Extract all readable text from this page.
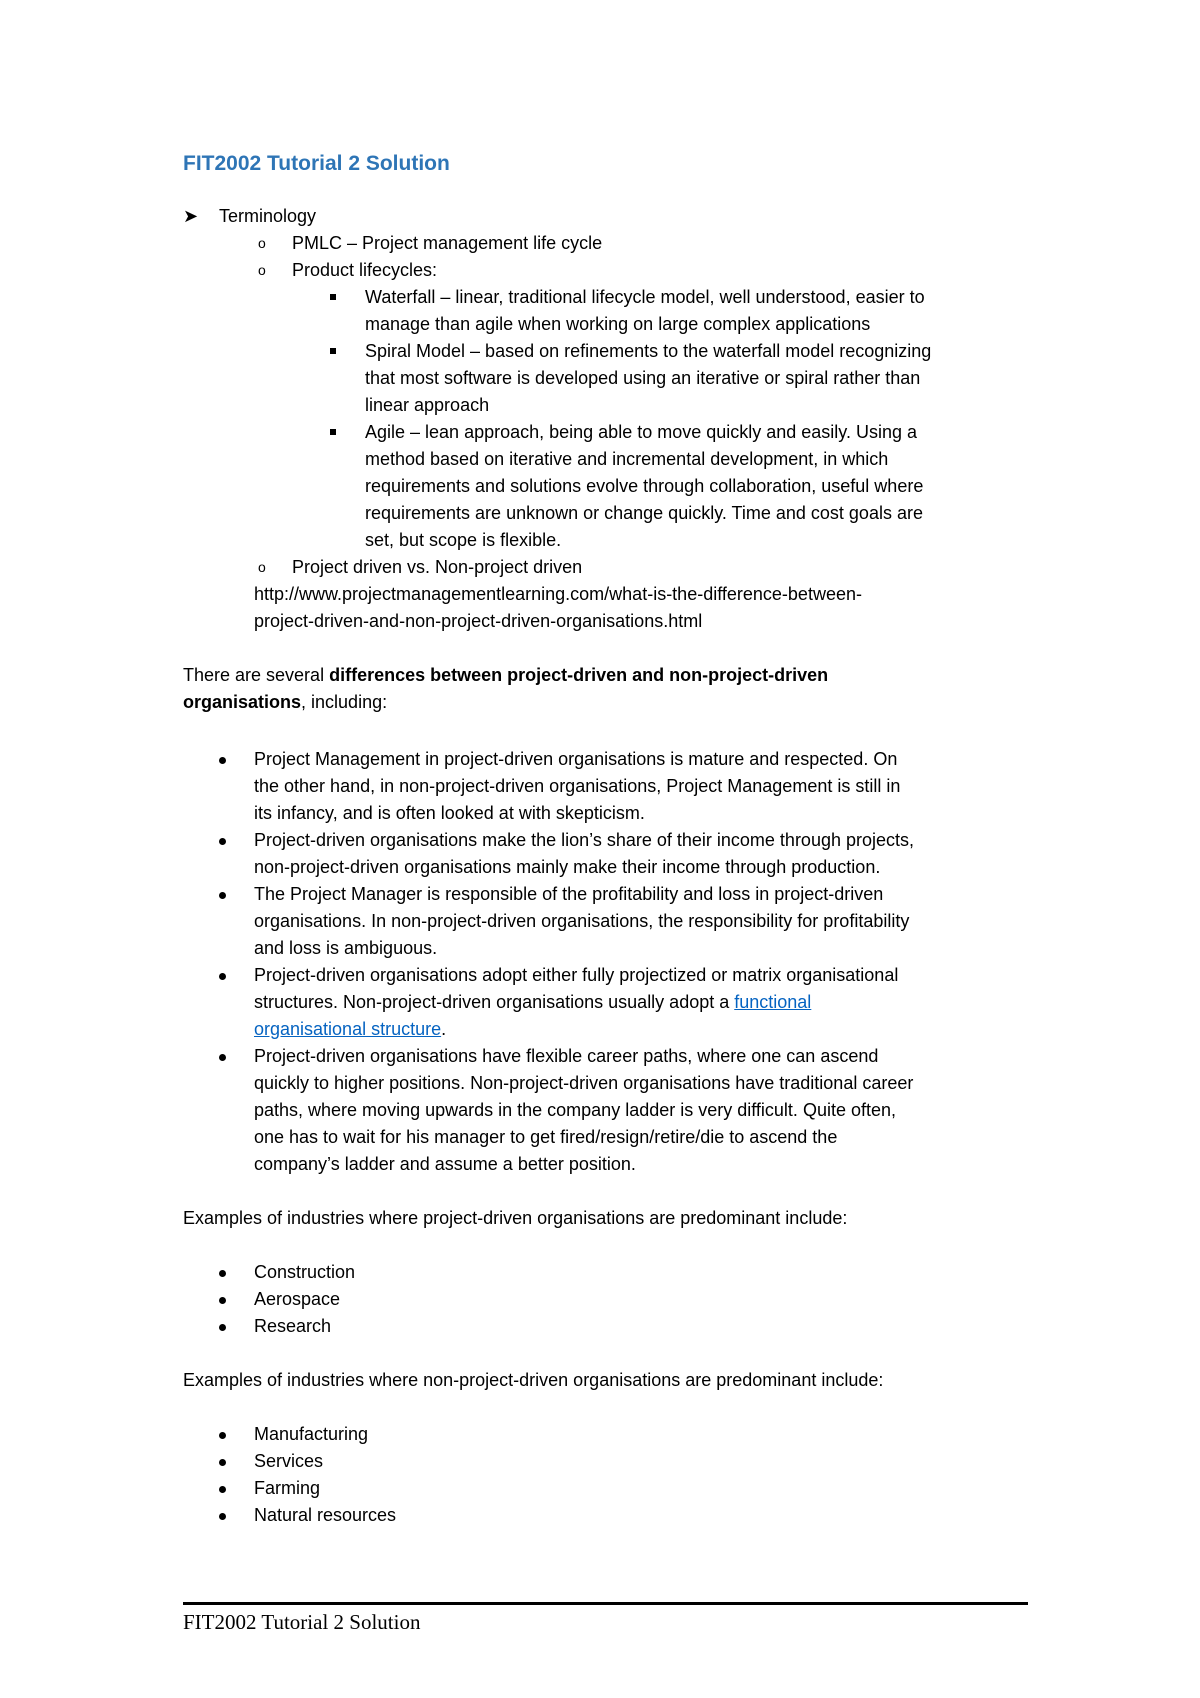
FIT2002 Tutorial 2 Solution
➤ Terminology
o PMLC – Project management life cycle
o Product lifecycles:
Waterfall – linear, traditional lifecycle model, well understood, easier to
manage than agile when working on large complex applications
Spiral Model – based on refinements to the waterfall model recognizing
that most software is developed using an iterative or spiral rather than
linear approach
Agile – lean approach, being able to move quickly and easily. Using a
method based on iterative and incremental development, in which
requirements and solutions evolve through collaboration, useful where
requirements are unknown or change quickly. Time and cost goals are
set, but scope is flexible.
o Project driven vs. Non-project driven
http://www.projectmanagementlearning.com/what-is-the-difference-between-
project-driven-and-non-project-driven-organisations.html
There are several differences between project-driven and non-project-driven
organisations, including:
Project Management in project-driven organisations is mature and respected. On
the other hand, in non-project-driven organisations, Project Management is still in
its infancy, and is often looked at with skepticism.
Project-driven organisations make the lion’s share of their income through projects,
non-project-driven organisations mainly make their income through production.
The Project Manager is responsible of the profitability and loss in project-driven
organisations. In non-project-driven organisations, the responsibility for profitability
and loss is ambiguous.
Project-driven organisations adopt either fully projectized or matrix organisational
structures. Non-project-driven organisations usually adopt a functional
organisational structure.
Project-driven organisations have flexible career paths, where one can ascend
quickly to higher positions. Non-project-driven organisations have traditional career
paths, where moving upwards in the company ladder is very difficult. Quite often,
one has to wait for his manager to get fired/resign/retire/die to ascend the
company’s ladder and assume a better position.
Examples of industries where project-driven organisations are predominant include:
Construction
Aerospace
Research
Examples of industries where non-project-driven organisations are predominant include:
Manufacturing
Services
Farming
Natural resources
FIT2002 Tutorial 2 Solution
